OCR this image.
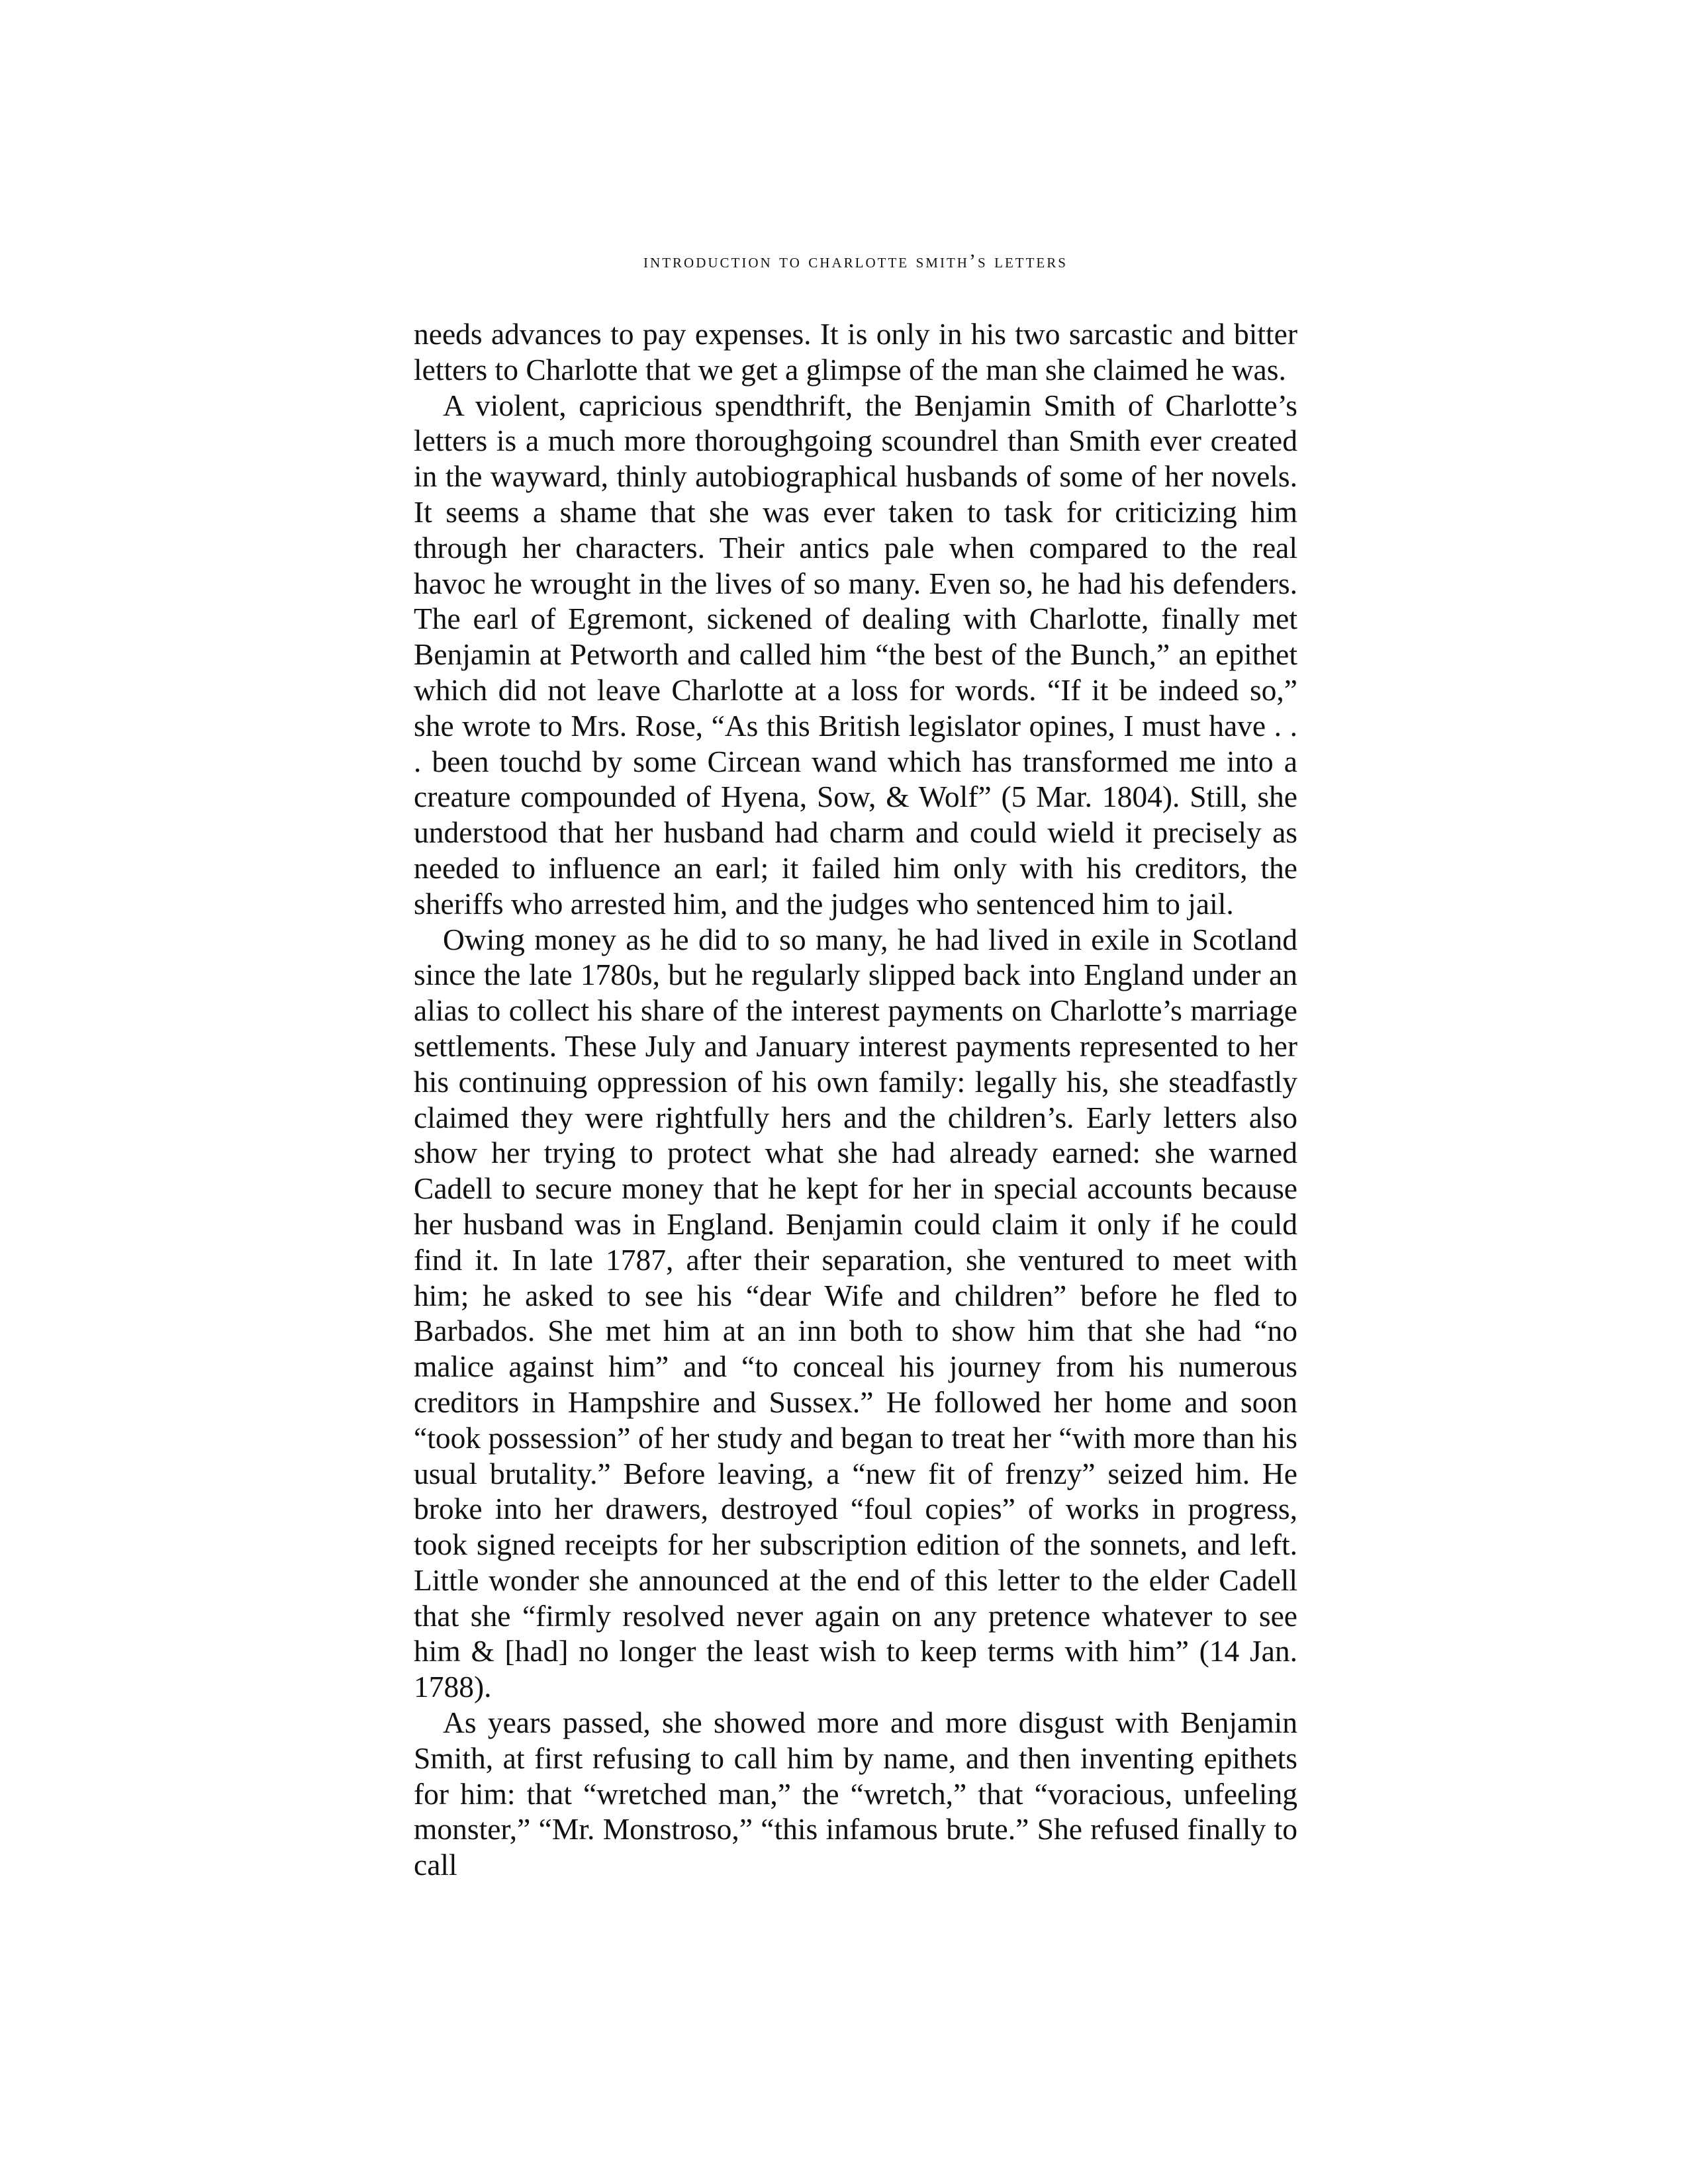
introduction to charlotte smith’s letters

needs advances to pay expenses. It is only in his two sarcastic and bitter letters to Charlotte that we get a glimpse of the man she claimed he was.

A violent, capricious spendthrift, the Benjamin Smith of Charlotte’s letters is a much more thoroughgoing scoundrel than Smith ever created in the wayward, thinly autobiographical husbands of some of her novels. It seems a shame that she was ever taken to task for criticizing him through her characters. Their antics pale when compared to the real havoc he wrought in the lives of so many. Even so, he had his defenders. The earl of Egremont, sickened of dealing with Charlotte, finally met Benjamin at Petworth and called him “the best of the Bunch,” an epithet which did not leave Charlotte at a loss for words. “If it be indeed so,” she wrote to Mrs. Rose, “As this British legislator opines, I must have . . . been touchd by some Circean wand which has transformed me into a creature compounded of Hyena, Sow, & Wolf” (5 Mar. 1804). Still, she understood that her husband had charm and could wield it precisely as needed to influence an earl; it failed him only with his creditors, the sheriffs who arrested him, and the judges who sentenced him to jail.

Owing money as he did to so many, he had lived in exile in Scotland since the late 1780s, but he regularly slipped back into England under an alias to collect his share of the interest payments on Charlotte’s marriage settlements. These July and January interest payments represented to her his continuing oppression of his own family: legally his, she steadfastly claimed they were rightfully hers and the children’s. Early letters also show her trying to protect what she had already earned: she warned Cadell to secure money that he kept for her in special accounts because her husband was in England. Benjamin could claim it only if he could find it. In late 1787, after their separation, she ventured to meet with him; he asked to see his “dear Wife and children” before he fled to Barbados. She met him at an inn both to show him that she had “no malice against him” and “to conceal his journey from his numerous creditors in Hampshire and Sussex.” He followed her home and soon “took possession” of her study and began to treat her “with more than his usual brutality.” Before leaving, a “new fit of frenzy” seized him. He broke into her drawers, destroyed “foul copies” of works in progress, took signed receipts for her subscription edition of the sonnets, and left. Little wonder she announced at the end of this letter to the elder Cadell that she “firmly resolved never again on any pretence whatever to see him & [had] no longer the least wish to keep terms with him” (14 Jan. 1788).

As years passed, she showed more and more disgust with Benjamin Smith, at first refusing to call him by name, and then inventing epithets for him: that “wretched man,” the “wretch,” that “voracious, unfeeling monster,” “Mr. Monstroso,” “this infamous brute.” She refused finally to call
